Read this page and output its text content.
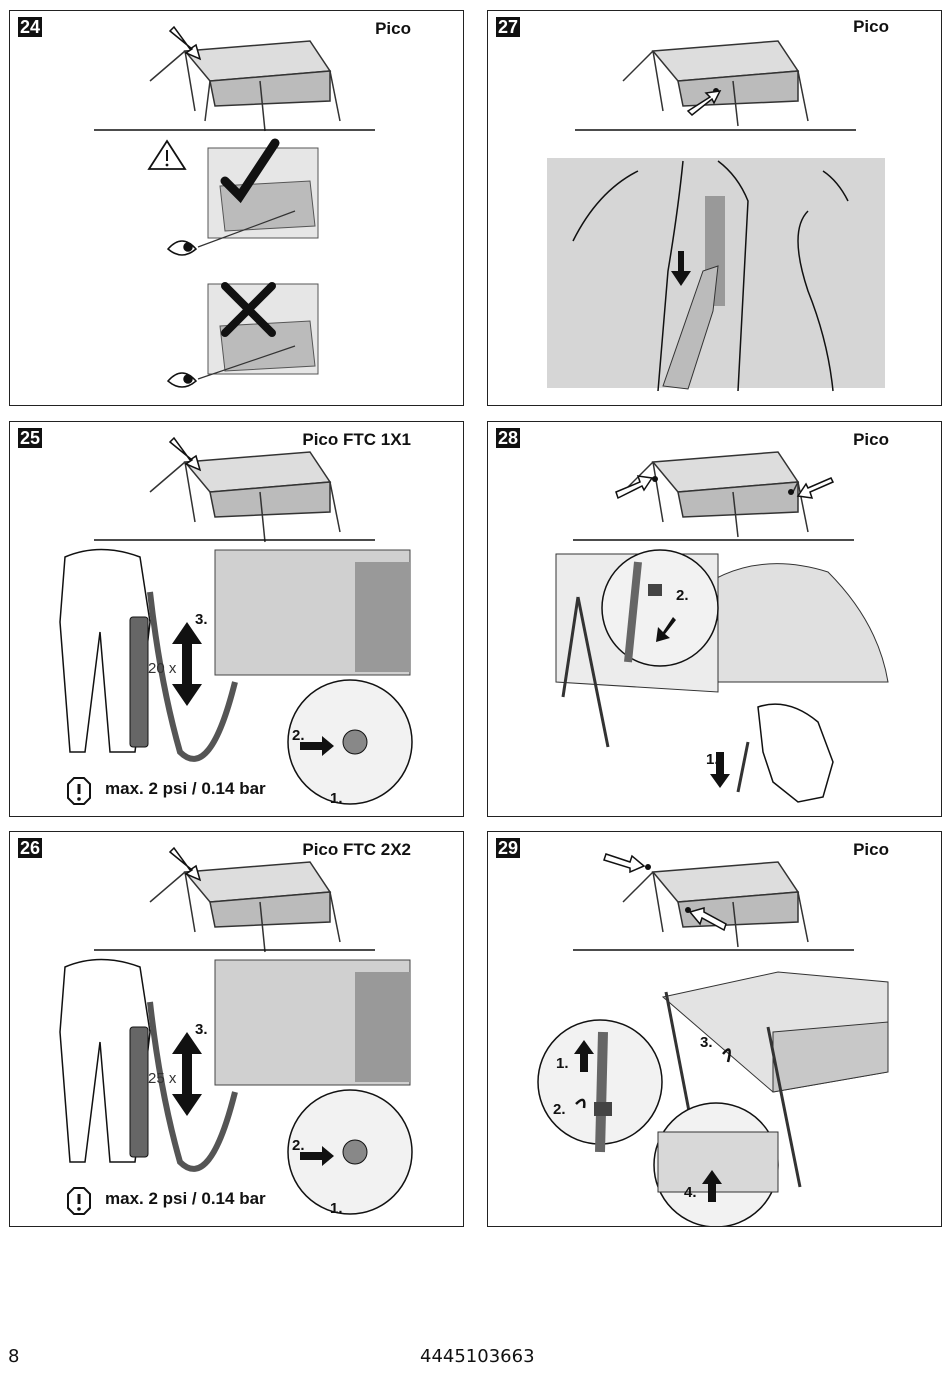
24	Pico	27	Pico
25	Pico FTC 1X1
3.
20 x
2.
1.
max. 2 psi / 0.14 bar
28	Pico
2.
1.
26	Pico FTC 2X2
3.
25 x
2.
1.
max. 2 psi / 0.14 bar
29	Pico
1.
2.
4.
3.
8	4445103663
